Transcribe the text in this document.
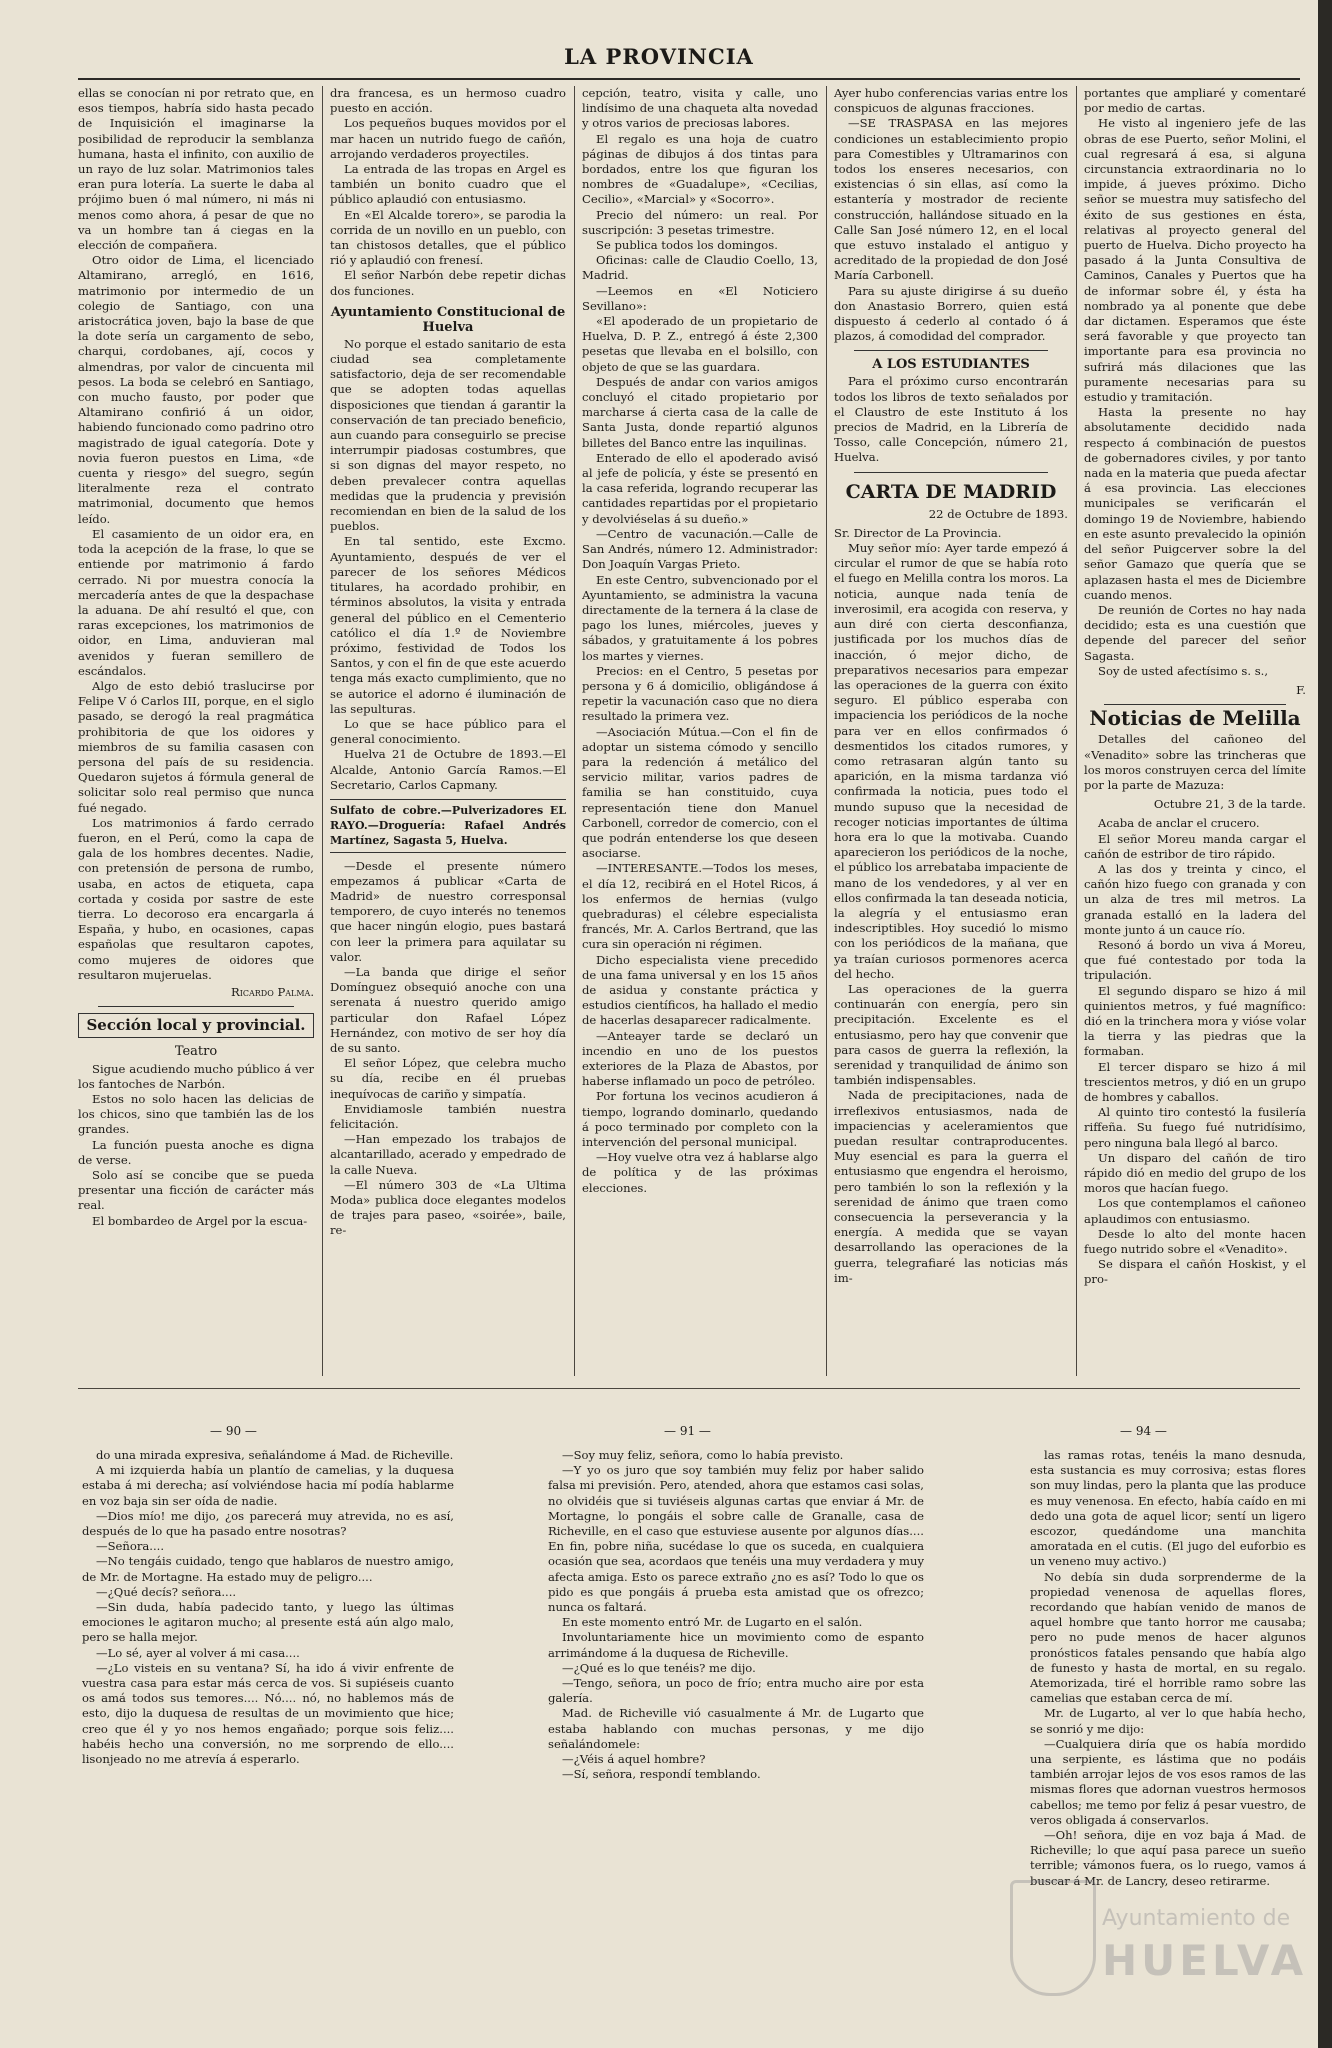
LA PROVINCIA

ellas se conocían ni por retrato que, en esos tiempos, habría sido hasta pecado de Inquisición el imaginarse la posibilidad de reproducir la semblanza humana, hasta el infinito, con auxilio de un rayo de luz solar. Matrimonios tales eran pura lotería. La suerte le daba al prójimo buen ó mal número, ni más ni menos como ahora, á pesar de que no va un hombre tan á ciegas en la elección de compañera.

Otro oidor de Lima, el licenciado Altamirano, arregló, en 1616, matrimonio por intermedio de un colegio de Santiago, con una aristocrática joven, bajo la base de que la dote sería un cargamento de sebo, charqui, cordobanes, ají, cocos y almendras, por valor de cincuenta mil pesos. La boda se celebró en Santiago, con mucho fausto, por poder que Altamirano confirió á un oidor, habiendo funcionado como padrino otro magistrado de igual categoría. Dote y novia fueron puestos en Lima, «de cuenta y riesgo» del suegro, según literalmente reza el contrato matrimonial, documento que hemos leído.

El casamiento de un oidor era, en toda la acepción de la frase, lo que se entiende por matrimonio á fardo cerrado. Ni por muestra conocía la mercadería antes de que la despachase la aduana. De ahí resultó el que, con raras excepciones, los matrimonios de oidor, en Lima, anduvieran mal avenidos y fueran semillero de escándalos.

Algo de esto debió traslucirse por Felipe V ó Carlos III, porque, en el siglo pasado, se derogó la real pragmática prohibitoria de que los oidores y miembros de su familia casasen con persona del país de su residencia. Quedaron sujetos á fórmula general de solicitar solo real permiso que nunca fué negado.

Los matrimonios á fardo cerrado fueron, en el Perú, como la capa de gala de los hombres decentes. Nadie, con pretensión de persona de rumbo, usaba, en actos de etiqueta, capa cortada y cosida por sastre de este tierra. Lo decoroso era encargarla á España, y hubo, en ocasiones, capas españolas que resultaron capotes, como mujeres de oidores que resultaron mujeruelas.

Ricardo Palma.
Sección local y provincial.
Teatro

Sigue acudiendo mucho público á ver los fantoches de Narbón.

Estos no solo hacen las delicias de los chicos, sino que también las de los grandes.

La función puesta anoche es digna de verse.

Solo así se concibe que se pueda presentar una ficción de carácter más real.

El bombardeo de Argel por la escua-

dra francesa, es un hermoso cuadro puesto en acción.

Los pequeños buques movidos por el mar hacen un nutrido fuego de cañón, arrojando verdaderos proyectiles.

La entrada de las tropas en Argel es también un bonito cuadro que el público aplaudió con entusiasmo.

En «El Alcalde torero», se parodia la corrida de un novillo en un pueblo, con tan chistosos detalles, que el público rió y aplaudió con frenesí.

El señor Narbón debe repetir dichas dos funciones.

Ayuntamiento Constitucional de Huelva

No porque el estado sanitario de esta ciudad sea completamente satisfactorio, deja de ser recomendable que se adopten todas aquellas disposiciones que tiendan á garantir la conservación de tan preciado beneficio, aun cuando para conseguirlo se precise interrumpir piadosas costumbres, que si son dignas del mayor respeto, no deben prevalecer contra aquellas medidas que la prudencia y previsión recomiendan en bien de la salud de los pueblos.

En tal sentido, este Excmo. Ayuntamiento, después de ver el parecer de los señores Médicos titulares, ha acordado prohibir, en términos absolutos, la visita y entrada general del público en el Cementerio católico el día 1.º de Noviembre próximo, festividad de Todos los Santos, y con el fin de que este acuerdo tenga más exacto cumplimiento, que no se autorice el adorno é iluminación de las sepulturas.

Lo que se hace público para el general conocimiento.

Huelva 21 de Octubre de 1893.—El Alcalde, Antonio García Ramos.—El Secretario, Carlos Capmany.

Sulfato de cobre.—Pulverizadores EL RAYO.—Droguería: Rafael Andrés Martínez, Sagasta 5, Huelva.

—Desde el presente número empezamos á publicar «Carta de Madrid» de nuestro corresponsal temporero, de cuyo interés no tenemos que hacer ningún elogio, pues bastará con leer la primera para aquilatar su valor.

—La banda que dirige el señor Domínguez obsequió anoche con una serenata á nuestro querido amigo particular don Rafael López Hernández, con motivo de ser hoy día de su santo.

El señor López, que celebra mucho su día, recibe en él pruebas inequívocas de cariño y simpatía.

Envidiamosle también nuestra felicitación.

—Han empezado los trabajos de alcantarillado, acerado y empedrado de la calle Nueva.

—El número 303 de «La Ultima Moda» publica doce elegantes modelos de trajes para paseo, «soirée», baile, re-

cepción, teatro, visita y calle, uno lindísimo de una chaqueta alta novedad y otros varios de preciosas labores.

El regalo es una hoja de cuatro páginas de dibujos á dos tintas para bordados, entre los que figuran los nombres de «Guadalupe», «Cecilias, Cecilio», «Marcial» y «Socorro».

Precio del número: un real. Por suscripción: 3 pesetas trimestre.

Se publica todos los domingos.

Oficinas: calle de Claudio Coello, 13, Madrid.

—Leemos en «El Noticiero Sevillano»:

«El apoderado de un propietario de Huelva, D. P. Z., entregó á éste 2,300 pesetas que llevaba en el bolsillo, con objeto de que se las guardara.

Después de andar con varios amigos concluyó el citado propietario por marcharse á cierta casa de la calle de Santa Justa, donde repartió algunos billetes del Banco entre las inquilinas.

Enterado de ello el apoderado avisó al jefe de policía, y éste se presentó en la casa referida, logrando recuperar las cantidades repartidas por el propietario y devolviéselas á su dueño.»

—Centro de vacunación.—Calle de San Andrés, número 12. Administrador: Don Joaquín Vargas Prieto.

En este Centro, subvencionado por el Ayuntamiento, se administra la vacuna directamente de la ternera á la clase de pago los lunes, miércoles, jueves y sábados, y gratuitamente á los pobres los martes y viernes.

Precios: en el Centro, 5 pesetas por persona y 6 á domicilio, obligándose á repetir la vacunación caso que no diera resultado la primera vez.

—Asociación Mútua.—Con el fin de adoptar un sistema cómodo y sencillo para la redención á metálico del servicio militar, varios padres de familia se han constituido, cuya representación tiene don Manuel Carbonell, corredor de comercio, con el que podrán entenderse los que deseen asociarse.

—INTERESANTE.—Todos los meses, el día 12, recibirá en el Hotel Ricos, á los enfermos de hernias (vulgo quebraduras) el célebre especialista francés, Mr. A. Carlos Bertrand, que las cura sin operación ni régimen.

Dicho especialista viene precedido de una fama universal y en los 15 años de asidua y constante práctica y estudios científicos, ha hallado el medio de hacerlas desaparecer radicalmente.

—Anteayer tarde se declaró un incendio en uno de los puestos exteriores de la Plaza de Abastos, por haberse inflamado un poco de petróleo.

Por fortuna los vecinos acudieron á tiempo, logrando dominarlo, quedando á poco terminado por completo con la intervención del personal municipal.

—Hoy vuelve otra vez á hablarse algo de política y de las próximas elecciones.

Ayer hubo conferencias varias entre los conspicuos de algunas fracciones.

—SE TRASPASA en las mejores condiciones un establecimiento propio para Comestibles y Ultramarinos con todos los enseres necesarios, con existencias ó sin ellas, así como la estantería y mostrador de reciente construcción, hallándose situado en la Calle San José número 12, en el local que estuvo instalado el antiguo y acreditado de la propiedad de don José María Carbonell.

Para su ajuste dirigirse á su dueño don Anastasio Borrero, quien está dispuesto á cederlo al contado ó á plazos, á comodidad del comprador.

A LOS ESTUDIANTES

Para el próximo curso encontrarán todos los libros de texto señalados por el Claustro de este Instituto á los precios de Madrid, en la Librería de Tosso, calle Concepción, número 21, Huelva.

CARTA DE MADRID
22 de Octubre de 1893.

Sr. Director de La Provincia.

Muy señor mío: Ayer tarde empezó á circular el rumor de que se había roto el fuego en Melilla contra los moros. La noticia, aunque nada tenía de inverosimil, era acogida con reserva, y aun diré con cierta desconfianza, justificada por los muchos días de inacción, ó mejor dicho, de preparativos necesarios para empezar las operaciones de la guerra con éxito seguro. El público esperaba con impaciencia los periódicos de la noche para ver en ellos confirmados ó desmentidos los citados rumores, y como retrasaran algún tanto su aparición, en la misma tardanza vió confirmada la noticia, pues todo el mundo supuso que la necesidad de recoger noticias importantes de última hora era lo que la motivaba. Cuando aparecieron los periódicos de la noche, el público los arrebataba impaciente de mano de los vendedores, y al ver en ellos confirmada la tan deseada noticia, la alegría y el entusiasmo eran indescriptibles. Hoy sucedió lo mismo con los periódicos de la mañana, que ya traían curiosos pormenores acerca del hecho.

Las operaciones de la guerra continuarán con energía, pero sin precipitación. Excelente es el entusiasmo, pero hay que convenir que para casos de guerra la reflexión, la serenidad y tranquilidad de ánimo son también indispensables.

Nada de precipitaciones, nada de irreflexivos entusiasmos, nada de impaciencias y aceleramientos que puedan resultar contraproducentes. Muy esencial es para la guerra el entusiasmo que engendra el heroismo, pero también lo son la reflexión y la serenidad de ánimo que traen como consecuencia la perseverancia y la energía. A medida que se vayan desarrollando las operaciones de la guerra, telegrafiaré las noticias más im-

portantes que ampliaré y comentaré por medio de cartas.

He visto al ingeniero jefe de las obras de ese Puerto, señor Molini, el cual regresará á esa, si alguna circunstancia extraordinaria no lo impide, á jueves próximo. Dicho señor se muestra muy satisfecho del éxito de sus gestiones en ésta, relativas al proyecto general del puerto de Huelva. Dicho proyecto ha pasado á la Junta Consultiva de Caminos, Canales y Puertos que ha de informar sobre él, y ésta ha nombrado ya al ponente que debe dar dictamen. Esperamos que éste será favorable y que proyecto tan importante para esa provincia no sufrirá más dilaciones que las puramente necesarias para su estudio y tramitación.

Hasta la presente no hay absolutamente decidido nada respecto á combinación de puestos de gobernadores civiles, y por tanto nada en la materia que pueda afectar á esa provincia. Las elecciones municipales se verificarán el domingo 19 de Noviembre, habiendo en este asunto prevalecido la opinión del señor Puigcerver sobre la del señor Gamazo que quería que se aplazasen hasta el mes de Diciembre cuando menos.

De reunión de Cortes no hay nada decidido; esta es una cuestión que depende del parecer del señor Sagasta.

Soy de usted afectísimo s. s.,

F.
Noticias de Melilla

Detalles del cañoneo del «Venadito» sobre las trincheras que los moros construyen cerca del límite por la parte de Mazuza:

Octubre 21, 3 de la tarde.

Acaba de anclar el crucero.

El señor Moreu manda cargar el cañón de estribor de tiro rápido.

A las dos y treinta y cinco, el cañón hizo fuego con granada y con un alza de tres mil metros. La granada estalló en la ladera del monte junto á un cauce río.

Resonó á bordo un viva á Moreu, que fué contestado por toda la tripulación.

El segundo disparo se hizo á mil quinientos metros, y fué magnífico: dió en la trinchera mora y vióse volar la tierra y las piedras que la formaban.

El tercer disparo se hizo á mil trescientos metros, y dió en un grupo de hombres y caballos.

Al quinto tiro contestó la fusilería riffeña. Su fuego fué nutridísimo, pero ninguna bala llegó al barco.

Un disparo del cañón de tiro rápido dió en medio del grupo de los moros que hacían fuego.

Los que contemplamos el cañoneo aplaudimos con entusiasmo.

Desde lo alto del monte hacen fuego nutrido sobre el «Venadito».

Se dispara el cañón Hoskist, y el pro-

— 90 —	— 91 —	— 94 —

do una mirada expresiva, señalándome á Mad. de Richeville.

A mi izquierda había un plantío de camelias, y la duquesa estaba á mi derecha; así volviéndose hacia mí podía hablarme en voz baja sin ser oída de nadie.

—Dios mío! me dijo, ¿os parecerá muy atrevida, no es así, después de lo que ha pasado entre nosotras?

—Señora....

—No tengáis cuidado, tengo que hablaros de nuestro amigo, de Mr. de Mortagne. Ha estado muy de peligro....

—¿Qué decís? señora....

—Sin duda, había padecido tanto, y luego las últimas emociones le agitaron mucho; al presente está aún algo malo, pero se halla mejor.

—Lo sé, ayer al volver á mi casa....

—¿Lo visteis en su ventana? Sí, ha ido á vivir enfrente de vuestra casa para estar más cerca de vos. Si supiéseis cuanto os amá todos sus temores.... Nó.... nó, no hablemos más de esto, dijo la duquesa de resultas de un movimiento que hice; creo que él y yo nos hemos engañado; porque sois feliz.... habéis hecho una conversión, no me sorprendo de ello.... lisonjeado no me atrevía á esperarlo.

—Soy muy feliz, señora, como lo había previsto.

—Y yo os juro que soy también muy feliz por haber salido falsa mi previsión. Pero, atended, ahora que estamos casi solas, no olvidéis que si tuviéseis algunas cartas que enviar á Mr. de Mortagne, lo pongáis el sobre calle de Granalle, casa de Richeville, en el caso que estuviese ausente por algunos días.... En fin, pobre niña, sucédase lo que os suceda, en cualquiera ocasión que sea, acordaos que tenéis una muy verdadera y muy afecta amiga. Esto os parece extraño ¿no es así? Todo lo que os pido es que pongáis á prueba esta amistad que os ofrezco; nunca os faltará.

En este momento entró Mr. de Lugarto en el salón.

Involuntariamente hice un movimiento como de espanto arrimándome á la duquesa de Richeville.

—¿Qué es lo que tenéis? me dijo.

—Tengo, señora, un poco de frío; entra mucho aire por esta galería.

Mad. de Richeville vió casualmente á Mr. de Lugarto que estaba hablando con muchas personas, y me dijo señalándomele:

—¿Véis á aquel hombre?

—Sí, señora, respondí temblando.

las ramas rotas, tenéis la mano desnuda, esta sustancia es muy corrosiva; estas flores son muy lindas, pero la planta que las produce es muy venenosa. En efecto, había caído en mi dedo una gota de aquel licor; sentí un ligero escozor, quedándome una manchita amoratada en el cutis. (El jugo del euforbio es un veneno muy activo.)

No debía sin duda sorprenderme de la propiedad venenosa de aquellas flores, recordando que habían venido de manos de aquel hombre que tanto horror me causaba; pero no pude menos de hacer algunos pronósticos fatales pensando que había algo de funesto y hasta de mortal, en su regalo. Atemorizada, tiré el horrible ramo sobre las camelias que estaban cerca de mí.

Mr. de Lugarto, al ver lo que había hecho, se sonrió y me dijo:

—Cualquiera diría que os había mordido una serpiente, es lástima que no podáis también arrojar lejos de vos esos ramos de las mismas flores que adornan vuestros hermosos cabellos; me temo por feliz á pesar vuestro, de veros obligada á conservarlos.

—Oh! señora, dije en voz baja á Mad. de Richeville; lo que aquí pasa parece un sueño terrible; vámonos fuera, os lo ruego, vamos á buscar á Mr. de Lancry, deseo retirarme.

Ayuntamiento de
HUELVA
